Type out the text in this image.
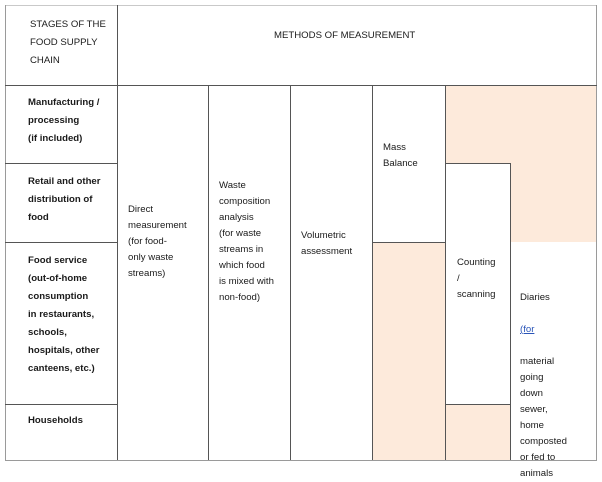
STAGES OF THE
FOOD SUPPLY
CHAIN
METHODS OF MEASUREMENT
Manufacturing /
processing
(if included)
Retail and other
distribution of
food
Food service
(out-of-home
consumption
in restaurants,
schools,
hospitals, other
canteens, etc.)
Households
Direct
measurement
(for food-
only waste
streams)
Waste
composition
analysis
(for waste
streams in
which food
is mixed with
non-food)
Volumetric
assessment
Mass
Balance
Counting
/
scanning	Diaries

(for

material
going
down
sewer,
home
composted
or fed to
animals
